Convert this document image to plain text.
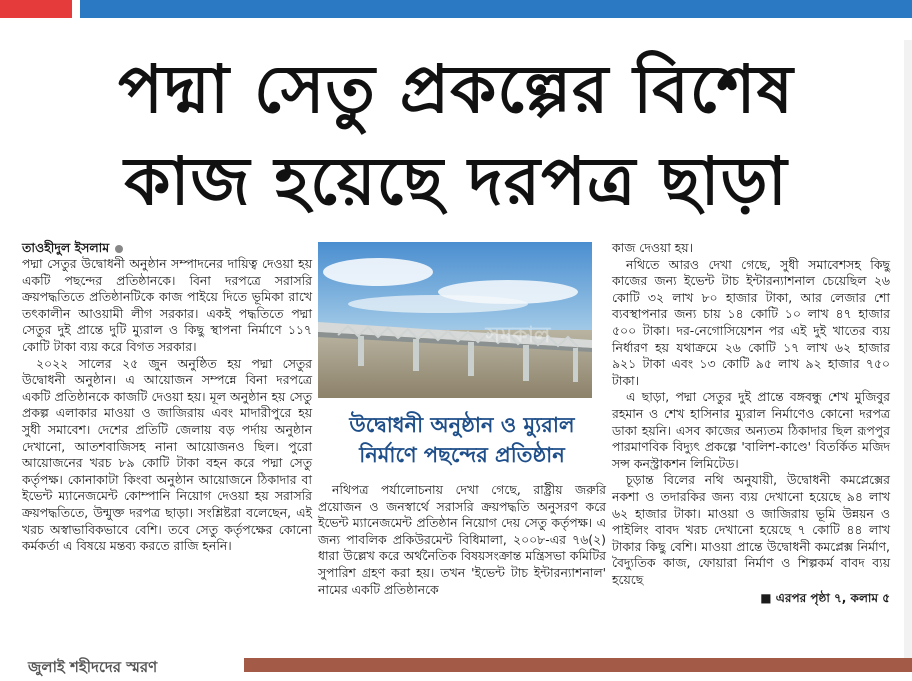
পদ্মা সেতু প্রকল্পের বিশেষ
কাজ হয়েছে দরপত্র ছাড়া
তাওহীদুল ইসলাম

পদ্মা সেতুর উদ্বোধনী অনুষ্ঠান সম্পাদনের দায়িত্ব দেওয়া হয় একটি পছন্দের প্রতিষ্ঠানকে। বিনা দরপত্রে সরাসরি ক্রয়পদ্ধতিতে প্রতিষ্ঠানটিকে কাজ পাইয়ে দিতে ভূমিকা রাখে তৎকালীন আওয়ামী লীগ সরকার। একই পদ্ধতিতে পদ্মা সেতুর দুই প্রান্তে দুটি ম্যুরাল ও কিছু স্থাপনা নির্মাণে ১১৭ কোটি টাকা ব্যয় করে বিগত সরকার।

২০২২ সালের ২৫ জুন অনুষ্ঠিত হয় পদ্মা সেতুর উদ্বোধনী অনুষ্ঠান। এ আয়োজন সম্পন্নে বিনা দরপত্রে একটি প্রতিষ্ঠানকে কাজটি দেওয়া হয়। মূল অনুষ্ঠান হয় সেতু প্রকল্প এলাকার মাওয়া ও জাজিরায় এবং মাদারীপুরে হয় সুধী সমাবেশ। দেশের প্রতিটি জেলায় বড় পর্দায় অনুষ্ঠান দেখানো, আতশবাজিসহ নানা আয়োজনও ছিল। পুরো আয়োজনের খরচ ৮৯ কোটি টাকা বহন করে পদ্মা সেতু কর্তৃপক্ষ। কোনাকাটা কিংবা অনুষ্ঠান আয়োজনে ঠিকাদার বা ইভেন্ট ম্যানেজমেন্ট কোম্পানি নিয়োগ দেওয়া হয় সরাসরি ক্রয়পদ্ধতিতে, উন্মুক্ত দরপত্র ছাড়া। সংশ্লিষ্টরা বলেছেন, এই খরচ অস্বাভাবিকভাবে বেশি। তবে সেতু কর্তৃপক্ষের কোনো কর্মকর্তা এ বিষয়ে মন্তব্য করতে রাজি হননি।

সমকাল
উদ্বোধনী অনুষ্ঠান ও ম্যুরাল নির্মাণে পছন্দের প্রতিষ্ঠান

নথিপত্র পর্যালোচনায় দেখা গেছে, রাষ্ট্রীয় জরুরি প্রয়োজন ও জনস্বার্থে সরাসরি ক্রয়পদ্ধতি অনুসরণ করে ইভেন্ট ম্যানেজমেন্ট প্রতিষ্ঠান নিয়োগ দেয় সেতু কর্তৃপক্ষ। এ জন্য পাবলিক প্রকিউরমেন্ট বিধিমালা, ২০০৮-এর ৭৬(২) ধারা উল্লেখ করে অর্থনৈতিক বিষয়সংক্রান্ত মন্ত্রিসভা কমিটির সুপারিশ গ্রহণ করা হয়। তখন 'ইভেন্ট টাচ ইন্টারন্যাশনাল' নামের একটি প্রতিষ্ঠানকে

কাজ দেওয়া হয়।

নথিতে আরও দেখা গেছে, সুধী সমাবেশসহ কিছু কাজের জন্য ইভেন্ট টাচ ইন্টারন্যাশনাল চেয়েছিল ২৬ কোটি ৩২ লাখ ৮০ হাজার টাকা, আর লেজার শো ব্যবস্থাপনার জন্য চায় ১৪ কোটি ১০ লাখ ৪৭ হাজার ৫০০ টাকা। দর-নেগোসিয়েশন পর এই দুই খাতের ব্যয় নির্ধারণ হয় যথাক্রমে ২৬ কোটি ১৭ লাখ ৬২ হাজার ৯২১ টাকা এবং ১৩ কোটি ৯৫ লাখ ৯২ হাজার ৭৫০ টাকা।

এ ছাড়া, পদ্মা সেতুর দুই প্রান্তে বঙ্গবন্ধু শেখ মুজিবুর রহমান ও শেখ হাসিনার ম্যুরাল নির্মাণেও কোনো দরপত্র ডাকা হয়নি। এসব কাজের অন্যতম ঠিকাদার ছিল রূপপুর পারমাণবিক বিদ্যুৎ প্রকল্পে 'বালিশ-কাণ্ডে' বিতর্কিত মজিদ সন্স কনস্ট্রাকশন লিমিটেড।

চূড়ান্ত বিলের নথি অনুযায়ী, উদ্বোধনী কমপ্লেক্সের নকশা ও তদারকির জন্য ব্যয় দেখানো হয়েছে ৯৪ লাখ ৬২ হাজার টাকা। মাওয়া ও জাজিরায় ভূমি উন্নয়ন ও পাইলিং বাবদ খরচ দেখানো হয়েছে ৭ কোটি ৪৪ লাখ টাকার কিছু বেশি। মাওয়া প্রান্তে উদ্বোধনী কমপ্লেক্স নির্মাণ, বৈদ্যুতিক কাজ, ফোয়ারা নির্মাণ ও শিল্পকর্ম বাবদ ব্যয় হয়েছে

■ এরপর পৃষ্ঠা ৭, কলাম ৫
জুলাই শহীদদের স্মরণ
